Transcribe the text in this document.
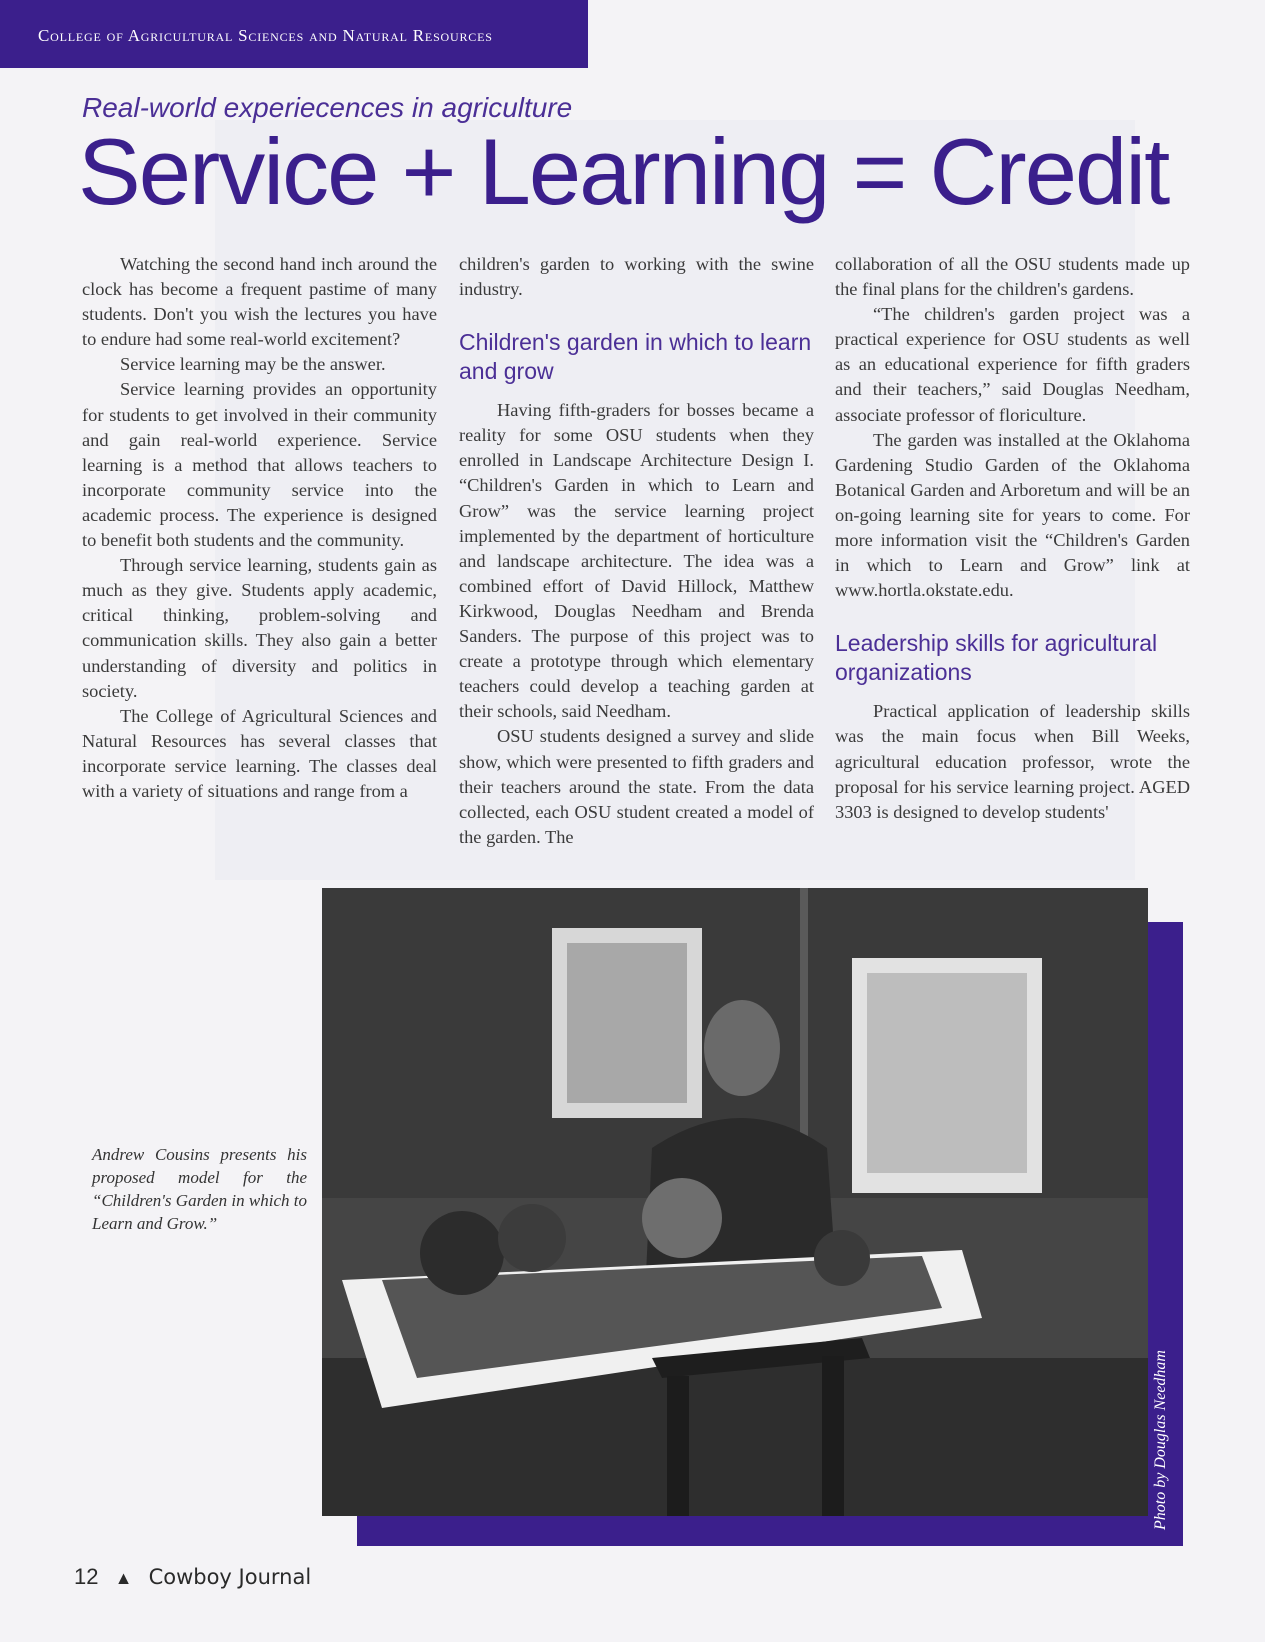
College of Agricultural Sciences and Natural Resources
Real-world experiecences in agriculture
Service + Learning = Credit

Watching the second hand inch around the clock has become a frequent pastime of many students. Don't you wish the lectures you have to endure had some real-world excitement?

Service learning may be the answer.

Service learning provides an opportunity for students to get involved in their community and gain real-world experience. Service learning is a method that allows teachers to incorporate community service into the academic process. The experience is designed to benefit both students and the community.

Through service learning, students gain as much as they give. Students apply academic, critical thinking, problem-solving and communication skills. They also gain a better understanding of diversity and politics in society.

The College of Agricultural Sciences and Natural Resources has several classes that incorporate service learning. The classes deal with a variety of situations and range from a

children's garden to working with the swine industry.

Children's garden in which to learn and grow

Having fifth-graders for bosses became a reality for some OSU students when they enrolled in Landscape Architecture Design I. “Children's Garden in which to Learn and Grow” was the service learning project implemented by the department of horticulture and landscape architecture. The idea was a combined effort of David Hillock, Matthew Kirkwood, Douglas Needham and Brenda Sanders. The purpose of this project was to create a prototype through which elementary teachers could develop a teaching garden at their schools, said Needham.

OSU students designed a survey and slide show, which were presented to fifth graders and their teachers around the state. From the data collected, each OSU student created a model of the garden. The

collaboration of all the OSU students made up the final plans for the children's gardens.

“The children's garden project was a practical experience for OSU students as well as an educational experience for fifth graders and their teachers,” said Douglas Needham, associate professor of floriculture.

The garden was installed at the Oklahoma Gardening Studio Garden of the Oklahoma Botanical Garden and Arboretum and will be an on-going learning site for years to come. For more information visit the “Children's Garden in which to Learn and Grow” link at www.hortla.okstate.edu.

Leadership skills for agricultural organizations

Practical application of leadership skills was the main focus when Bill Weeks, agricultural education professor, wrote the proposal for his service learning project. AGED 3303 is designed to develop students'

Photo by Douglas Needham
Andrew Cousins presents his proposed model for the “Children's Garden in which to Learn and Grow.”
12 ▲ Cowboy Journal
